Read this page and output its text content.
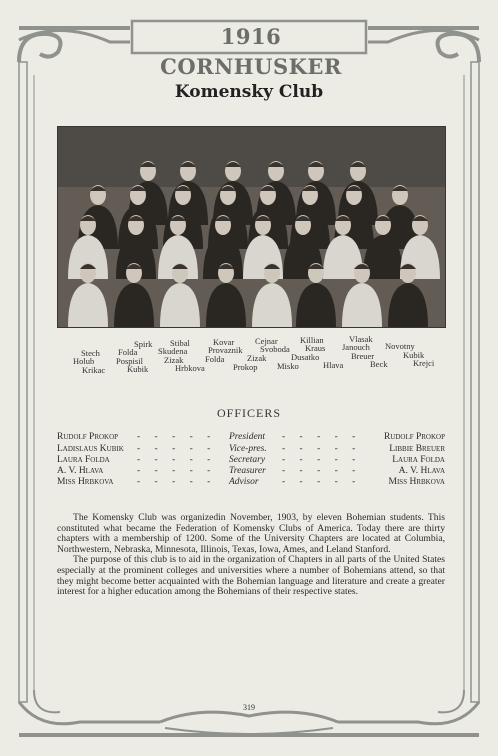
1916 CORNHUSKER
Komensky Club
Spirk Stibal	Kovar Cejnar	Killian	Vlasak
Stech Folda Skudena Provaznik Svoboda Kraus Janouch Novotny
Holub	Pospisil Zizak	Folda	Zizak	Dusatko	Breuer	Kubik
Krikac	Kubik	Hrbkova	Prokop Misko	Hlava	Beck	Krejci
OFFICERS
Rudolf Prokop - - - - - President - - - - - Rudolf Prokop
Ladislaus Kubik - - - - - Vice-pres. - - - - -	Libbie Breuer
Laura Folda	- - - - - Secretary - - - - -	Laura Folda
A. V. Hlava	- - - - - Treasurer - - - - -	A. V. Hlava
Miss Hrbkova - - - - - Advisor - - - - -	Miss Hrbkova

The Komensky Club was organizedin November, 1903, by eleven Bohemian students. This constituted what became the Federation of Komensky Clubs of America. Today there are thirty chapters with a membership of 1200. Some of the University Chapters are located at Columbia, Northwestern, Nebraska, Minnesota, Illinois, Texas, Iowa, Ames, and Leland Stanford.

The purpose of this club is to aid in the organization of Chapters in all parts of the United States especially at the prominent colleges and universities where a number of Bohemians attend, so that they might become better acquainted with the Bohemian language and literature and create a greater interest for a higher education among the Bohemians of their respective states.

319
